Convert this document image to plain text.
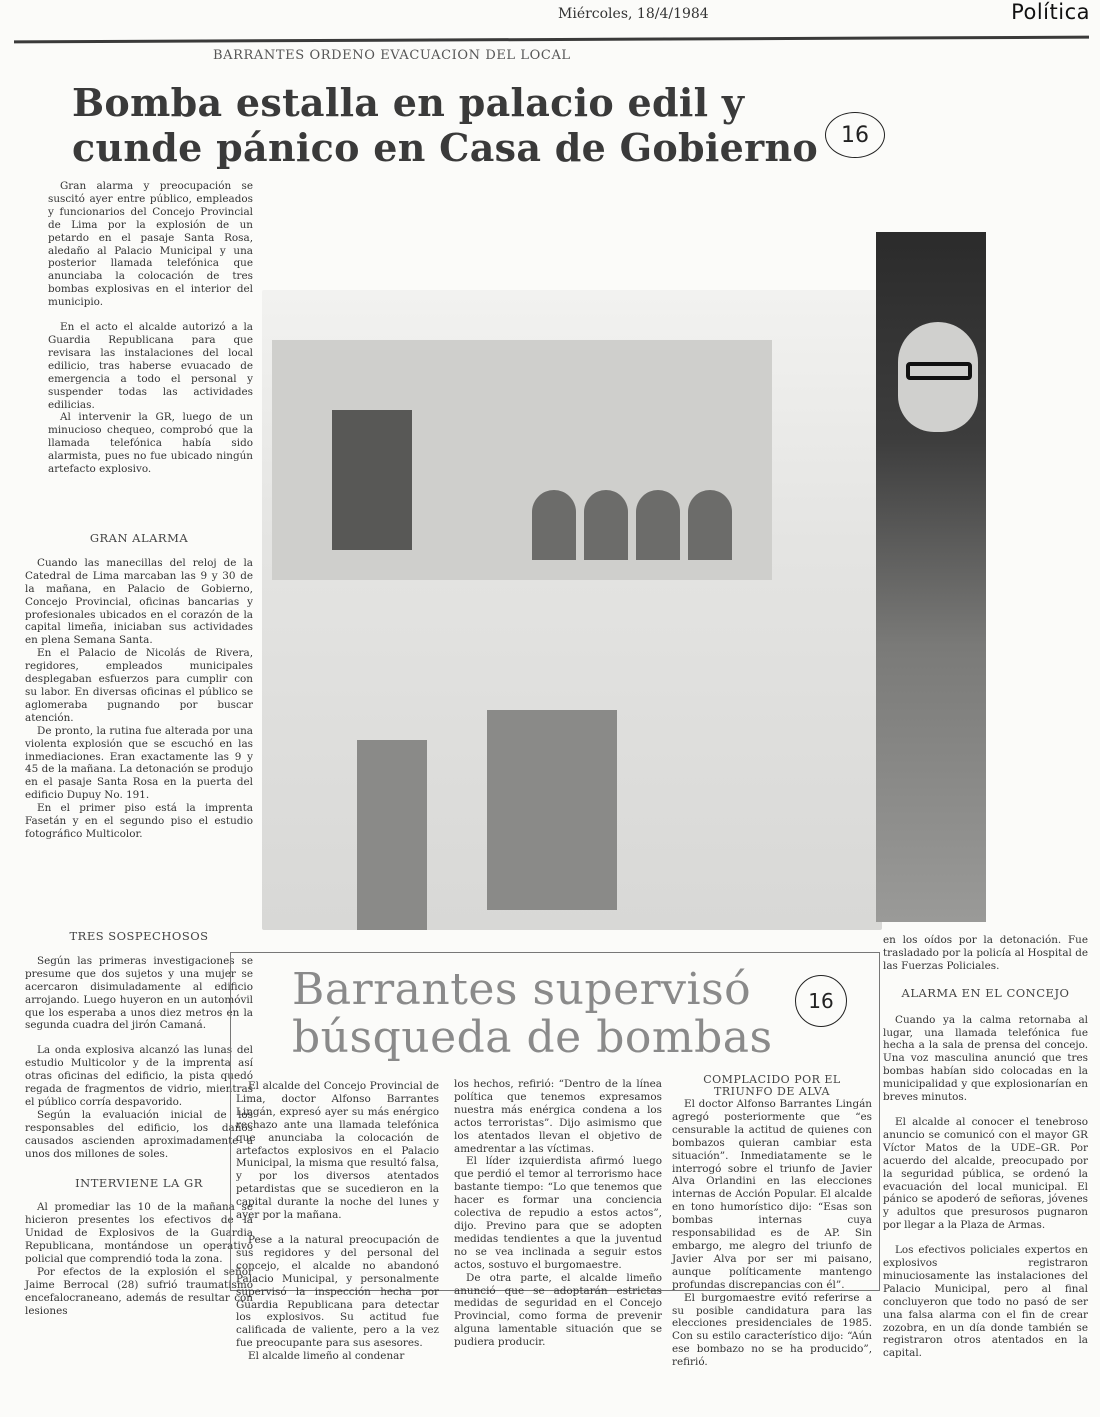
Miércoles, 18/4/1984	Política
BARRANTES ORDENO EVACUACION DEL LOCAL
Bomba estalla en palacio edil y
cunde pánico en Casa de Gobierno	16

Gran alarma y preocupación se suscitó ayer entre público, empleados y funcionarios del Concejo Provincial de Lima por la explosión de un petardo en el pasaje Santa Rosa, aledaño al Palacio Municipal y una posterior llamada telefónica que anunciaba la colocación de tres bombas explosivas en el interior del municipio.

En el acto el alcalde autorizó a la Guardia Republicana para que revisara las instalaciones del local edilicio, tras haberse evuacado de emergencia a todo el personal y suspender todas las actividades edilicias.

Al intervenir la GR, luego de un minucioso chequeo, comprobó que la llamada telefónica había sido alarmista, pues no fue ubicado ningún artefacto explosivo.

GRAN ALARMA

Cuando las manecillas del reloj de la Catedral de Lima marcaban las 9 y 30 de la mañana, en Palacio de Gobierno, Concejo Provincial, oficinas bancarias y profesionales ubicados en el corazón de la capital limeña, iniciaban sus actividades en plena Semana Santa.

En el Palacio de Nicolás de Rivera, regidores, empleados municipales desplegaban esfuerzos para cumplir con su labor. En diversas oficinas el público se aglomeraba pugnando por buscar atención.

De pronto, la rutina fue alterada por una violenta explosión que se escuchó en las inmediaciones. Eran exactamente las 9 y 45 de la mañana. La detonación se produjo en el pasaje Santa Rosa en la puerta del edificio Dupuy No. 191.

En el primer piso está la imprenta Fasetán y en el segundo piso el estudio fotográfico Multicolor.

TRES SOSPECHOSOS

Según las primeras investigaciones se presume que dos sujetos y una mujer se acercaron disimuladamente al edificio arrojando. Luego huyeron en un automóvil que los esperaba a unos diez metros en la segunda cuadra del jirón Camaná.

La onda explosiva alcanzó las lunas del estudio Multicolor y de la imprenta así otras oficinas del edificio, la pista quedó regada de fragmentos de vidrio, mientras el público corría despavorido.

Según la evaluación inicial de los responsables del edificio, los daños causados ascienden aproximadamente a unos dos millones de soles.

INTERVIENE LA GR

Al promediar las 10 de la mañana se hicieron presentes los efectivos de la Unidad de Explosivos de la Guardia Republicana, montándose un operativo policial que comprendió toda la zona.

Por efectos de la explosión el señor Jaime Berrocal (28) sufrió traumatismo encefalocraneano, además de resultar con lesiones

en los oídos por la detonación. Fue trasladado por la policía al Hospital de las Fuerzas Policiales.

ALARMA EN EL CONCEJO

Cuando ya la calma retornaba al lugar, una llamada telefónica fue hecha a la sala de prensa del concejo. Una voz masculina anunció que tres bombas habían sido colocadas en la municipalidad y que explosionarían en breves minutos.

El alcalde al conocer el tenebroso anuncio se comunicó con el mayor GR Víctor Matos de la UDE–GR. Por acuerdo del alcalde, preocupado por la seguridad pública, se ordenó la evacuación del local municipal. El pánico se apoderó de señoras, jóvenes y adultos que presurosos pugnaron por llegar a la Plaza de Armas.

Los efectivos policiales expertos en explosivos registraron minuciosamente las instalaciones del Palacio Municipal, pero al final concluyeron que todo no pasó de ser una falsa alarma con el fin de crear zozobra, en un día donde también se registraron otros atentados en la capital.

Barrantes supervisó
búsqueda de bombas
16

El alcalde del Concejo Provincial de Lima, doctor Alfonso Barrantes Lingán, expresó ayer su más enérgico rechazo ante una llamada telefónica que anunciaba la colocación de artefactos explosivos en el Palacio Municipal, la misma que resultó falsa, y por los diversos atentados petardistas que se sucedieron en la capital durante la noche del lunes y ayer por la mañana.

Pese a la natural preocupación de sus regidores y del personal del concejo, el alcalde no abandonó Palacio Municipal, y personalmente supervisó la inspección hecha por Guardia Republicana para detectar los explosivos. Su actitud fue calificada de valiente, pero a la vez fue preocupante para sus asesores.

El alcalde limeño al condenar

los hechos, refirió: “Dentro de la línea política que tenemos expresamos nuestra más enérgica condena a los actos terroristas”. Dijo asimismo que los atentados llevan el objetivo de amedrentar a las víctimas.

El líder izquierdista afirmó luego que perdió el temor al terrorismo hace bastante tiempo: “Lo que tenemos que hacer es formar una conciencia colectiva de repudio a estos actos”, dijo. Previno para que se adopten medidas tendientes a que la juventud no se vea inclinada a seguir estos actos, sostuvo el burgomaestre.

De otra parte, el alcalde limeño anunció que se adoptarán estrictas medidas de seguridad en el Concejo Provincial, como forma de prevenir alguna lamentable situación que se pudiera producir.

COMPLACIDO POR EL TRIUNFO DE ALVA

El doctor Alfonso Barrantes Lingán agregó posteriormente que “es censurable la actitud de quienes con bombazos quieran cambiar esta situación”. Inmediatamente se le interrogó sobre el triunfo de Javier Alva Orlandini en las elecciones internas de Acción Popular. El alcalde en tono humorístico dijo: “Esas son bombas internas cuya responsabilidad es de AP. Sin embargo, me alegro del triunfo de Javier Alva por ser mi paisano, aunque políticamente mantengo profundas discrepancias con él”.

El burgomaestre evitó referirse a su posible candidatura para las elecciones presidenciales de 1985. Con su estilo característico dijo: “Aún ese bombazo no se ha producido”, refirió.
